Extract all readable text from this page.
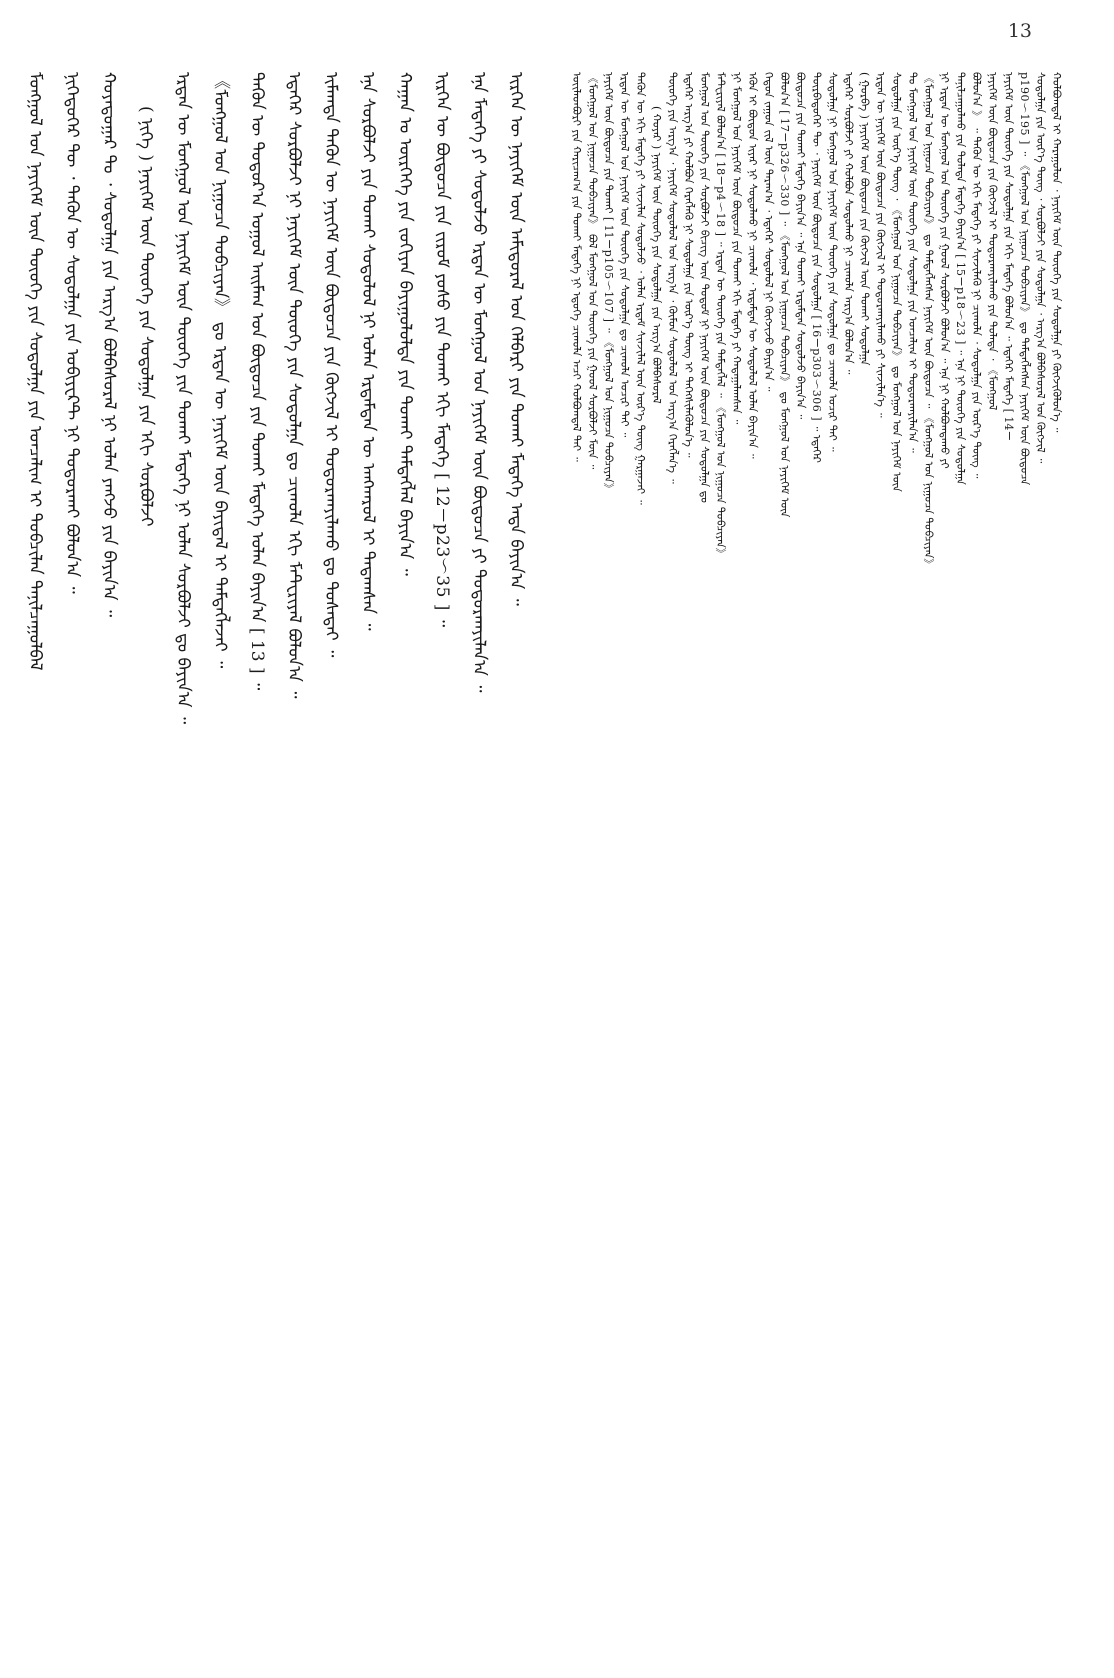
13
ᠮᠣᠩᠭᠣᠯ ᠤᠨ ᠨᠡᠶᠢᠭᠡᠮ ᠦᠨ ᠲᠦᠦᠬᠡ ᠶᠢᠨ ᠰᠤᠳᠤᠯᠭᠠ ᠶᠢᠨ ᠣᠨᠴᠠᠯᠢᠭ ᠢ ᠲᠣᠪᠴᠢᠯᠠᠨ ᠲᠠᠨᠢᠯᠴᠠᠭᠤᠯᠪᠠᠯ	ᠨᠢᠭᠡᠳᠦᠭᠡᠷ ᠲᠦ ᠂ ᠲᠡᠭᠦᠨ ᠦ ᠰᠤᠳᠤᠯᠭᠠ ᠶᠢᠨ ᠣᠪᠢᠶᠧᠺᠲ ᠨᠢ ᠲᠣᠳᠣᠷᠬᠠᠢ ᠪᠣᠯᠤᠨ᠎ᠠ ᠃	ᠬᠣᠶᠠᠳᠤᠭᠠᠷ ᠲᠤ ᠂ ᠰᠤᠳᠤᠯᠭᠠ ᠶᠢᠨ ᠠᠷᠭ᠎ᠠ ᠪᠣᠯᠪᠠᠰᠤᠷᠠᠯ ᠨᠢ ᠣᠯᠠᠨ ᠶᠠᠩᠵᠤ ᠶᠢᠨ ᠪᠠᠶᠢᠨ᠎ᠠ ᠃	( ᠨᠢᠭᠡ ) ᠨᠡᠶᠢᠭᠡᠮ ᠦᠨ ᠲᠦᠦᠬᠡ ᠶᠢᠨ ᠰᠤᠳᠤᠯᠭᠠ ᠶᠢᠨ ᠡᠬᠢ ᠰᠤᠷᠪᠤᠯᠵᠢ	ᠡᠷᠲᠡᠨ ᠦ ᠮᠣᠩᠭᠣᠯ ᠤᠨ ᠨᠡᠶᠢᠭᠡᠮ ᠦᠨ ᠲᠦᠦᠬᠡ ᠶᠢᠨ ᠲᠤᠬᠠᠢ ᠮᠡᠳᠡᠭᠡ ᠨᠢ ᠣᠯᠠᠨ ᠰᠤᠷᠪᠤᠯᠵᠢ ᠳᠤ ᠪᠠᠶᠢᠨ᠎ᠠ ᠃	《ᠮᠣᠩᠭᠣᠯ ᠤᠨ ᠨᠢᠭᠤᠴᠠ ᠲᠣᠪᠴᠢᠶᠠᠨ》 ᠳᠤ ᠡᠷᠲᠡᠨ ᠦ ᠨᠡᠶᠢᠭᠡᠮ ᠦᠨ ᠪᠠᠶᠢᠳᠠᠯ ᠢ ᠲᠡᠮᠳᠡᠭᠯᠡᠵᠡᠢ ᠃	ᠲᠡᠭᠦᠨ ᠦ ᠳᠣᠲᠣᠷ᠎ᠠ ᠣᠭᠣᠯ ᠠᠢᠮᠠᠭ ᠤᠨ ᠪᠦᠲᠦᠴᠡ ᠶᠢᠨ ᠲᠤᠬᠠᠢ ᠮᠡᠳᠡᠭᠡ ᠣᠯᠠᠨ ᠪᠠᠶᠢᠨ᠎ᠠ [ 13 ] ᠃	ᠡᠳᠡᠭᠡᠷ ᠰᠤᠷᠪᠤᠯᠵᠢ ᠨᠢ ᠨᠡᠶᠢᠭᠡᠮ ᠦᠨ ᠲᠦᠦᠬᠡ ᠶᠢᠨ ᠰᠤᠳᠤᠯᠭᠠ ᠳᠤ ᠴᠢᠬᠤᠯᠠ ᠡᠬᠢ ᠮᠠᠲ᠋ᠧᠷᠢᠶᠠᠯ ᠪᠣᠯᠤᠨ᠎ᠠ ᠃	ᠢᠮᠠᠭᠲᠠ ᠲᠡᠭᠦᠨ ᠦ ᠨᠡᠶᠢᠭᠡᠮ ᠦᠨ ᠪᠦᠲᠦᠴᠡ ᠶᠢᠨ ᠬᠥᠭᠵᠢᠯ ᠢ ᠲᠣᠳᠣᠷᠬᠠᠶᠢᠯᠠᠬᠤ ᠳᠤ ᠲᠤᠰᠠᠲᠠᠢ ᠃	ᠡᠨᠡ ᠰᠤᠷᠪᠤᠯᠵᠢ ᠶᠢᠨ ᠲᠤᠬᠠᠢ ᠰᠤᠳᠤᠯᠤᠯ ᠨᠢ ᠣᠯᠠᠨ ᠡᠷᠳᠡᠮᠲᠡᠨ ᠦ ᠠᠩᠬᠠᠷᠤᠯ ᠢ ᠲᠠᠲᠠᠭᠰᠠᠨ ᠃	ᠬᠠᠭᠠᠨ ᠤ ᠥᠷᠭᠡᠭᠡ ᠶᠢᠨ ᠵᠣᠬᠢᠶᠠᠨ ᠪᠠᠶᠢᠭᠤᠯᠤᠯᠲᠠ ᠶᠢᠨ ᠲᠤᠬᠠᠢ ᠲᠡᠮᠳᠡᠭᠯᠡᠯ ᠪᠠᠶᠢᠨ᠎ᠠ ᠃	ᠢᠷᠭᠡᠨ ᠦ ᠪᠦᠲᠦᠴᠡ ᠶᠢᠨ ᠵᠢᠷᠤᠮ ᠶᠣᠰᠤ ᠶᠢᠨ ᠲᠤᠬᠠᠢ ᠡᠬᠢ ᠮᠡᠳᠡᠭᠡ [ 12－p23～35 ] ᠃	ᠡᠨᠡ ᠮᠡᠳᠡᠭᠡ ᠶᠢ ᠰᠤᠳᠤᠯᠵᠤ ᠡᠷᠲᠡᠨ ᠦ ᠮᠣᠩᠭᠣᠯ ᠤᠨ ᠨᠡᠶᠢᠭᠡᠮ ᠦᠨ ᠪᠦᠲᠦᠴᠡ ᠶᠢ ᠲᠣᠳᠣᠷᠬᠠᠶᠢᠯᠠᠨ᠎ᠠ ᠃	ᠢᠷᠭᠡᠨ ᠦ ᠨᠡᠶᠢᠭᠡᠮ ᠦᠨ ᠠᠮᠢᠳᠤᠷᠠᠯ ᠤᠨ ᠬᠡᠯᠪᠡᠷᠢ ᠶᠢᠨ ᠲᠤᠬᠠᠢ ᠮᠡᠳᠡᠭᠡ ᠡᠨᠳᠡ ᠪᠠᠶᠢᠨ᠎ᠠ ᠃	ᠦᠢᠯᠡᠳᠪᠦᠷᠢ ᠶᠢᠨ ᠬᠠᠷᠢᠴᠠᠭ᠎ᠠ ᠶᠢᠨ ᠲᠤᠬᠠᠢ ᠮᠡᠳᠡᠭᠡ ᠨᠢ ᠡᠳᠦᠭᠡ ᠴᠢᠬᠤᠯᠠ ᠠᠴᠢ ᠬᠣᠯᠪᠣᠭᠳᠠᠯ ᠲᠠᠢ ᠃ 《ᠮᠣᠩᠭᠣᠯ ᠤᠨ ᠨᠢᠭᠤᠴᠠ ᠲᠣᠪᠴᠢᠶᠠᠨ》 ᠪᠣᠯ ᠮᠣᠩᠭᠣᠯ ᠤᠨ ᠲᠦᠦᠬᠡ ᠶᠢᠨ ᠭᠣᠤᠯ ᠰᠤᠷᠪᠤᠯᠵᠢ ᠮᠥᠨ ᠃ ᠨᠡᠶᠢᠭᠡᠮ ᠦᠨ ᠪᠦᠲᠦᠴᠡ ᠶᠢᠨ ᠲᠤᠬᠠᠢ [ 11－p105～107 ] ᠃ 《ᠮᠣᠩᠭᠣᠯ ᠤᠨ ᠨᠢᠭᠤᠴᠠ ᠲᠣᠪᠴᠢᠶᠠᠨ》 ᠡᠷᠲᠡᠨ ᠦ ᠮᠣᠩᠭᠣᠯ ᠤᠨ ᠨᠡᠶᠢᠭᠡᠮ ᠦᠨ ᠲᠦᠦᠬᠡ ᠶᠢᠨ ᠰᠤᠳᠤᠯᠭᠠ ᠳᠤ ᠴᠢᠬᠤᠯᠠ ᠤᠴᠢᠷ ᠲᠠᠢ ᠃ ᠲᠡᠭᠦᠨ ᠦ ᠡᠬᠢ ᠮᠡᠳᠡᠭᠡ ᠶᠢ ᠰᠢᠨᠵᠢᠯᠡᠨ ᠰᠤᠳᠤᠯᠵᠤ ᠂ ᠣᠯᠠᠨ ᠡᠷᠳᠡᠮ ᠰᠢᠨᠵᠢᠯᠡᠯ ᠦᠨ ᠦᠷ᠎ᠡ ᠳᠦᠩ ᠭᠠᠷᠭᠠᠵᠠᠢ ᠃ ( ᠬᠣᠶᠠᠷ ) ᠨᠡᠶᠢᠭᠡᠮ ᠦᠨ ᠲᠦᠦᠬᠡ ᠶᠢᠨ ᠰᠤᠳᠤᠯᠭᠠ ᠶᠢᠨ ᠠᠷᠭ᠎ᠠ ᠪᠣᠯᠪᠠᠰᠤᠷᠠᠯ ᠲᠦᠦᠬᠡ ᠶᠢᠨ ᠠᠷᠭ᠎ᠠ ᠂ ᠨᠡᠶᠢᠭᠡᠮ ᠰᠤᠳᠤᠯᠤᠯ ᠤᠨ ᠠᠷᠭ᠎ᠠ ᠂ ᠬᠦᠮᠦᠨ ᠰᠤᠳᠤᠯᠤᠯ ᠤᠨ ᠠᠷᠭ᠎ᠠ ᠬᠡᠷᠡᠭᠯᠡᠨ᠎ᠡ ᠃ ᠡᠳᠡᠭᠡᠷ ᠠᠷᠭ᠎ᠠ ᠶᠢ ᠬᠣᠯᠪᠣᠨ ᠬᠡᠷᠡᠭᠯᠡᠬᠦ ᠨᠢ ᠰᠤᠳᠤᠯᠭᠠ ᠶᠢᠨ ᠦᠷ᠎ᠡ ᠳᠦᠩ ᠢ ᠳᠡᠭᠡᠭᠰᠢᠯᠡᠭᠦᠯᠦᠨ᠎ᠡ ᠃ ᠮᠣᠩᠭᠣᠯ ᠤᠨ ᠲᠦᠦᠬᠡ ᠶᠢᠨ ᠰᠤᠷᠪᠤᠯᠵᠢ ᠪᠢᠴᠢᠭ ᠦᠨ ᠳᠤᠲᠤᠮ ᠨᠢ ᠨᠡᠶᠢᠭᠡᠮ ᠦᠨ ᠪᠦᠲᠦᠴᠡ ᠶᠢᠨ ᠰᠤᠳᠤᠯᠭᠠ ᠳᠤ ᠮᠠᠲ᠋ᠧᠷᠢᠶᠠᠯ ᠪᠣᠯᠤᠨ᠎ᠠ [ 18－p4～18 ] ᠃ ᠡᠷᠲᠡᠨ ᠦ ᠲᠦᠦᠬᠡ ᠶᠢᠨ ᠲᠡᠮᠳᠡᠭᠯᠡᠯ ᠃ 《ᠮᠣᠩᠭᠣᠯ ᠤᠨ ᠨᠢᠭᠤᠴᠠ ᠲᠣᠪᠴᠢᠶᠠᠨ》 ᠨᠢ ᠮᠣᠩᠭᠣᠯ ᠤᠨ ᠨᠡᠶᠢᠭᠡᠮ ᠦᠨ ᠪᠦᠲᠦᠴᠡ ᠶᠢᠨ ᠲᠤᠬᠠᠢ ᠡᠬᠢ ᠮᠡᠳᠡᠭᠡ ᠶᠢ ᠬᠠᠳᠠᠭᠠᠯᠠᠭᠰᠠᠨ ᠃ ᠡᠭᠦᠨ ᠢ ᠪᠦᠲᠦᠨ ᠢᠶᠡᠷ ᠨᠢ ᠰᠤᠳᠤᠯᠬᠤ ᠨᠢ ᠴᠢᠬᠤᠯᠠ ᠂ ᠡᠷᠳᠡᠮᠲᠡᠨ ᠦ ᠰᠤᠳᠤᠯᠤᠯ ᠣᠯᠠᠨ ᠪᠠᠶᠢᠨ᠎ᠠ ᠃ ᠬᠡᠳᠦᠨ ᠵᠠᠭᠤᠨ ᠵᠢᠯ ᠦᠨ ᠳᠠᠷᠠᠭ᠎ᠠ ᠂ ᠡᠳᠡᠭᠡᠷ ᠰᠤᠳᠤᠯᠤᠯ ᠨᠢ ᠬᠥᠭᠵᠢᠵᠦ ᠪᠠᠶᠢᠨ᠎ᠠ ᠃ ᠪᠣᠯᠤᠨ᠎ᠠ [ 17－p326～330 ] ᠃ 《ᠮᠣᠩᠭᠣᠯ ᠤᠨ ᠨᠢᠭᠤᠴᠠ ᠲᠣᠪᠴᠢᠶᠠᠨ》 ᠳᠤ ᠮᠣᠩᠭᠣᠯ ᠤᠨ ᠨᠡᠶᠢᠭᠡᠮ ᠦᠨ ᠪᠦᠲᠦᠴᠡ ᠶᠢᠨ ᠲᠤᠬᠠᠢ ᠮᠡᠳᠡᠭᠡ ᠪᠠᠶᠢᠨ᠎ᠠ ᠃ ᠡᠨᠡ ᠲᠤᠬᠠᠢ ᠡᠷᠳᠡᠮᠲᠡᠨ ᠰᠤᠳᠤᠯᠵᠤ ᠪᠠᠶᠢᠨ᠎ᠠ ᠃ ᠳᠦᠷᠪᠡᠳᠦᠭᠡᠷ ᠲᠦ ᠂ ᠨᠡᠶᠢᠭᠡᠮ ᠦᠨ ᠪᠦᠲᠦᠴᠡ ᠶᠢᠨ ᠰᠤᠳᠤᠯᠭᠠ [ 16－p303～306 ] ᠃ ᠡᠳᠡᠭᠡᠷ ᠰᠤᠳᠤᠯᠭᠠ ᠨᠢ ᠮᠣᠩᠭᠣᠯ ᠤᠨ ᠨᠡᠶᠢᠭᠡᠮ ᠦᠨ ᠲᠦᠦᠬᠡ ᠶᠢᠨ ᠰᠤᠳᠤᠯᠭᠠ ᠳᠤ ᠴᠢᠬᠤᠯᠠ ᠤᠴᠢᠷ ᠲᠠᠢ ᠃ ᠡᠳᠡᠭᠡᠷ ᠰᠤᠷᠪᠤᠯᠵᠢ ᠶᠢ ᠬᠣᠯᠪᠣᠨ ᠰᠤᠳᠤᠯᠬᠤ ᠨᠢ ᠴᠢᠬᠤᠯᠠ ᠠᠷᠭ᠎ᠠ ᠪᠣᠯᠤᠨ᠎ᠠ ᠃ ( ᠭᠤᠷᠪᠠ ) ᠨᠡᠶᠢᠭᠡᠮ ᠦᠨ ᠪᠦᠲᠦᠴᠡ ᠶᠢᠨ ᠬᠥᠭᠵᠢᠯ ᠦᠨ ᠲᠤᠬᠠᠢ ᠰᠤᠳᠤᠯᠭᠠ ᠡᠷᠲᠡᠨ ᠦ ᠨᠡᠶᠢᠭᠡᠮ ᠦᠨ ᠪᠦᠲᠦᠴᠡ ᠶᠢᠨ ᠬᠥᠭᠵᠢᠯ ᠢ ᠲᠣᠳᠣᠷᠬᠠᠶᠢᠯᠠᠬᠤ ᠶᠢ ᠰᠢᠨᠵᠢᠯᠡᠨ᠎ᠡ ᠃ ᠰᠤᠳᠤᠯᠭᠠ ᠶᠢᠨ ᠦᠷ᠎ᠡ ᠳᠦᠩ ᠂ 《ᠮᠣᠩᠭᠣᠯ ᠤᠨ ᠨᠢᠭᠤᠴᠠ ᠲᠣᠪᠴᠢᠶᠠᠨ》 ᠳᠤ ᠮᠣᠩᠭᠣᠯ ᠤᠨ ᠨᠡᠶᠢᠭᠡᠮ ᠦᠨ ᠲᠤ ᠮᠣᠩᠭᠣᠯ ᠤᠨ ᠨᠡᠶᠢᠭᠡᠮ ᠦᠨ ᠲᠦᠦᠬᠡ ᠶᠢᠨ ᠰᠤᠳᠤᠯᠭᠠ ᠶᠢᠨ ᠣᠨᠴᠠᠯᠢᠭ ᠢ ᠲᠣᠳᠣᠷᠬᠠᠶᠢᠯᠠᠨ᠎ᠠ ᠃ 《ᠮᠣᠩᠭᠣᠯ ᠤᠨ ᠨᠢᠭᠤᠴᠠ ᠲᠣᠪᠴᠢᠶᠠᠨ》 ᠳᠤ ᠲᠡᠮᠳᠡᠭᠯᠡᠭᠰᠡᠨ ᠨᠡᠶᠢᠭᠡᠮ ᠦᠨ ᠪᠦᠲᠦᠴᠡ ᠃ 《ᠮᠣᠩᠭᠣᠯ ᠤᠨ ᠨᠢᠭᠤᠴᠠ ᠲᠣᠪᠴᠢᠶᠠᠨ》 ᠨᠢ ᠡᠷᠲᠡᠨ ᠦ ᠮᠣᠩᠭᠣᠯ ᠤᠨ ᠲᠦᠦᠬᠡ ᠶᠢᠨ ᠭᠣᠤᠯ ᠰᠤᠷᠪᠤᠯᠵᠢ ᠪᠣᠯᠤᠨ᠎ᠠ ᠃ ᠡᠨᠡ ᠨᠢ ᠬᠣᠯᠪᠣᠭᠳᠠᠬᠤ ᠶᠢ ᠲᠠᠨᠢᠯᠴᠠᠭᠤᠯᠬᠤ ᠶᠢᠨ ᠲᠤᠯᠠᠳᠠ ᠮᠡᠳᠡᠭᠡ ᠪᠠᠶᠢᠨ᠎ᠠ [ 15－p18～23 ] ᠃ ᠡᠨᠡ ᠨᠢ ᠲᠦᠦᠬᠡ ᠶᠢᠨ ᠰᠤᠳᠤᠯᠭᠠ ᠪᠣᠯᠤᠨ᠎ᠠ 》 ᠃ ᠲᠡᠭᠦᠨ ᠦ ᠡᠬᠢ ᠮᠡᠳᠡᠭᠡ ᠶᠢ ᠰᠢᠨᠵᠢᠯᠡᠬᠦ ᠨᠢ ᠴᠢᠬᠤᠯᠠ ᠂ ᠰᠤᠳᠤᠯᠭᠠ ᠶᠢᠨ ᠦᠷ᠎ᠡ ᠳᠦᠩ ᠃ ᠨᠡᠶᠢᠭᠡᠮ ᠦᠨ ᠪᠦᠲᠦᠴᠡ ᠶᠢᠨ ᠬᠥᠭᠵᠢᠯ ᠢ ᠲᠣᠳᠣᠷᠬᠠᠶᠢᠯᠠᠬᠤ ᠶᠢᠨ ᠲᠤᠯᠠᠳᠠ ᠂ 《ᠮᠣᠩᠭᠣᠯ ᠨᠡᠶᠢᠭᠡᠮ ᠦᠨ ᠲᠦᠦᠬᠡ ᠶᠢᠨ ᠰᠤᠳᠤᠯᠭᠠ ᠶᠢᠨ ᠡᠬᠢ ᠮᠡᠳᠡᠭᠡ ᠪᠣᠯᠤᠨ᠎ᠠ ᠃ ᠡᠳᠡᠭᠡᠷ ᠮᠡᠳᠡᠭᠡ [ 14－ p190～195 ] ᠃ 《ᠮᠣᠩᠭᠣᠯ ᠤᠨ ᠨᠢᠭᠤᠴᠠ ᠲᠣᠪᠴᠢᠶᠠᠨ》 ᠳᠤ ᠲᠡᠮᠳᠡᠭᠯᠡᠭᠰᠡᠨ ᠨᠡᠶᠢᠭᠡᠮ ᠦᠨ ᠪᠦᠲᠦᠴᠡ ᠰᠤᠳᠤᠯᠭᠠ ᠶᠢᠨ ᠦᠷ᠎ᠡ ᠳᠦᠩ ᠂ ᠰᠤᠷᠪᠤᠯᠵᠢ ᠶᠢᠨ ᠰᠤᠳᠤᠯᠭᠠ ᠂ ᠠᠷᠭ᠎ᠠ ᠪᠣᠯᠪᠠᠰᠤᠷᠠᠯ ᠤᠨ ᠬᠥᠭᠵᠢᠯ ᠃ ᠬᠣᠯᠪᠣᠭᠳᠠᠯ ᠢ ᠬᠠᠷᠠᠭᠤᠯᠤᠨ ᠂ ᠨᠡᠶᠢᠭᠡᠮ ᠦᠨ ᠲᠦᠦᠬᠡ ᠶᠢᠨ ᠰᠤᠳᠤᠯᠭᠠ ᠶᠢ ᠬᠥᠭᠵᠢᠭᠦᠯᠦᠨ᠎ᠡ ᠃
